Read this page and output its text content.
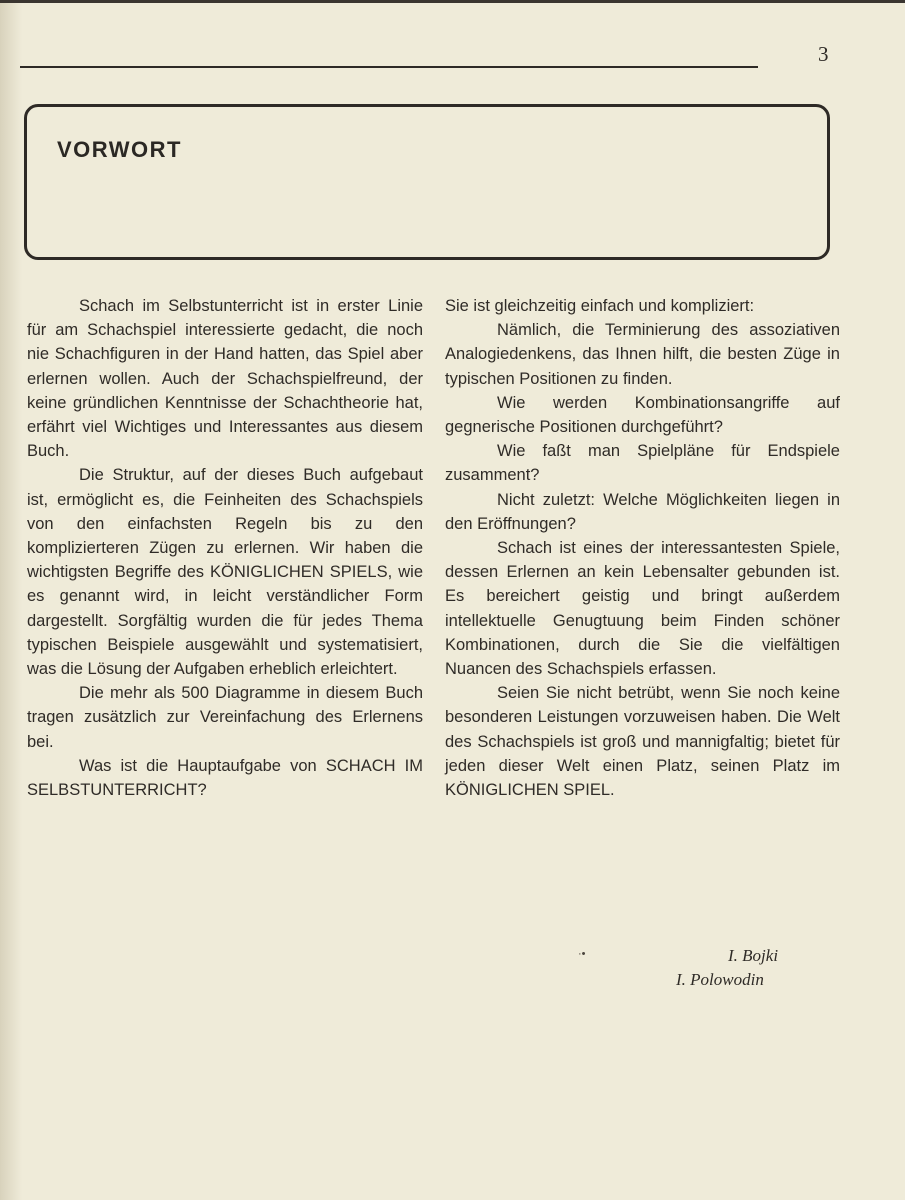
3
VORWORT

Schach im Selbstunterricht ist in erster Linie für am Schachspiel interessierte gedacht, die noch nie Schachfiguren in der Hand hatten, das Spiel aber erlernen wollen. Auch der Schachspielfreund, der keine gründlichen Kenntnisse der Schachtheorie hat, erfährt viel Wichtiges und Interessantes aus diesem Buch.

Die Struktur, auf der dieses Buch aufgebaut ist, ermöglicht es, die Feinheiten des Schachspiels von den einfachsten Regeln bis zu den komplizierteren Zügen zu erlernen. Wir haben die wichtigsten Begriffe des KÖNIGLICHEN SPIELS, wie es genannt wird, in leicht verständlicher Form dargestellt. Sorgfältig wurden die für jedes Thema typischen Beispiele ausgewählt und systematisiert, was die Lösung der Aufgaben erheblich erleichtert.

Die mehr als 500 Diagramme in diesem Buch tragen zusätzlich zur Vereinfachung des Erlernens bei.

Was ist die Hauptaufgabe von SCHACH IM SELBSTUNTERRICHT?

Sie ist gleichzeitig einfach und kompliziert:

Nämlich, die Terminierung des assoziativen Analogiedenkens, das Ihnen hilft, die besten Züge in typischen Positionen zu finden.

Wie werden Kombinationsangriffe auf gegnerische Positionen durchgeführt?

Wie faßt man Spielpläne für Endspiele zusamment?

Nicht zuletzt: Welche Möglichkeiten liegen in den Eröffnungen?

Schach ist eines der interessantesten Spiele, dessen Erlernen an kein Lebensalter gebunden ist. Es bereichert geistig und bringt außerdem intellektuelle Genugtuung beim Finden schöner Kombinationen, durch die Sie die vielfältigen Nuancen des Schachspiels erfassen.

Seien Sie nicht betrübt, wenn Sie noch keine besonderen Leistungen vorzuweisen haben. Die Welt des Schachspiels ist groß und mannigfaltig; bietet für jeden dieser Welt einen Platz, seinen Platz im KÖNIGLICHEN SPIEL.

·•	I. Bojki
I. Polowodin
